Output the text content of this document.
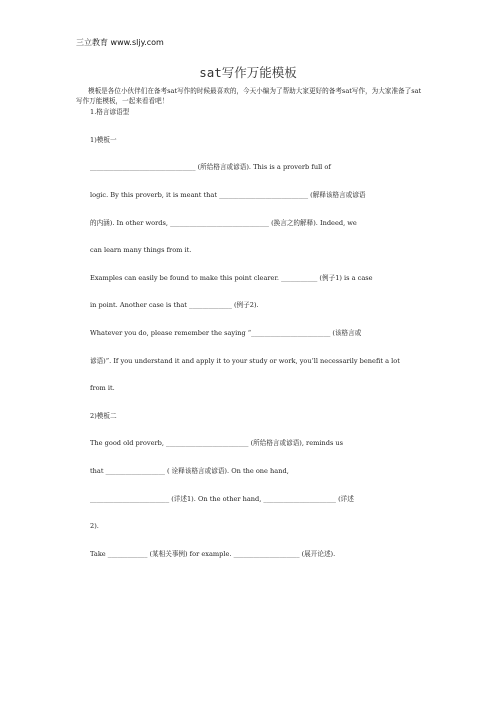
三立教育 www.sljy.com
sat写作万能模板

模板是各位小伙伴们在备考sat写作的时候最喜欢的，今天小编为了帮助大家更好的备考sat写作，为大家准备了sat写作万能模板，一起来看看吧！

1.格言谚语型

1)模板一

________________________________ (所给格言或谚语). This is a proverb full of

logic. By this proverb, it is meant that ___________________________ (解释该格言或谚语

的内涵). In other words, ______________________________ (换言之的解释). Indeed, we

can learn many things from it.

Examples can easily be found to make this point clearer. ___________ (例子1) is a case

in point. Another case is that _____________ (例子2).

Whatever you do, please remember the saying “________________________ (该格言或

谚语)”. If you understand it and apply it to your study or work, you’ll necessarily benefit a lot

from it.

2)模板二

The good old proverb, _________________________ (所给格言或谚语), reminds us

that __________________ ( 诠释该格言或谚语). On the one hand,

________________________ (详述1). On the other hand, ______________________ (详述

2).

Take ____________ (某相关事例) for example. ____________________ (展开论述).
